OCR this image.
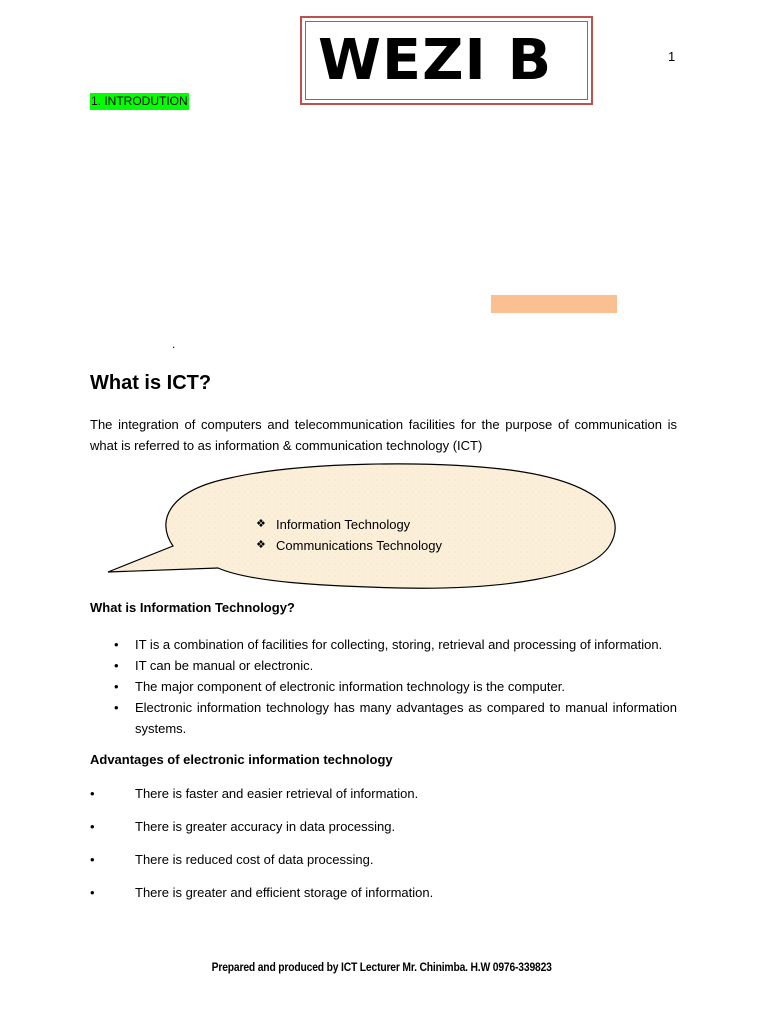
1
WEZI B
1. INTRODUTION
.
What is ICT?
The integration of computers and telecommunication facilities for the purpose of communication is what is referred to as information & communication technology (ICT)
❖ Information Technology
❖ Communications Technology
What is Information Technology?
• IT is a combination of facilities for collecting, storing, retrieval and processing of information.
• IT can be manual or electronic.
• The major component of electronic information technology is the computer.
• Electronic information technology has many advantages as compared to manual information systems.
Advantages of electronic information technology
•	There is faster and easier retrieval of information.
•	There is greater accuracy in data processing.
•	There is reduced cost of data processing.
•	There is greater and efficient storage of information.
Prepared and produced by ICT Lecturer Mr. Chinimba. H.W 0976-339823
